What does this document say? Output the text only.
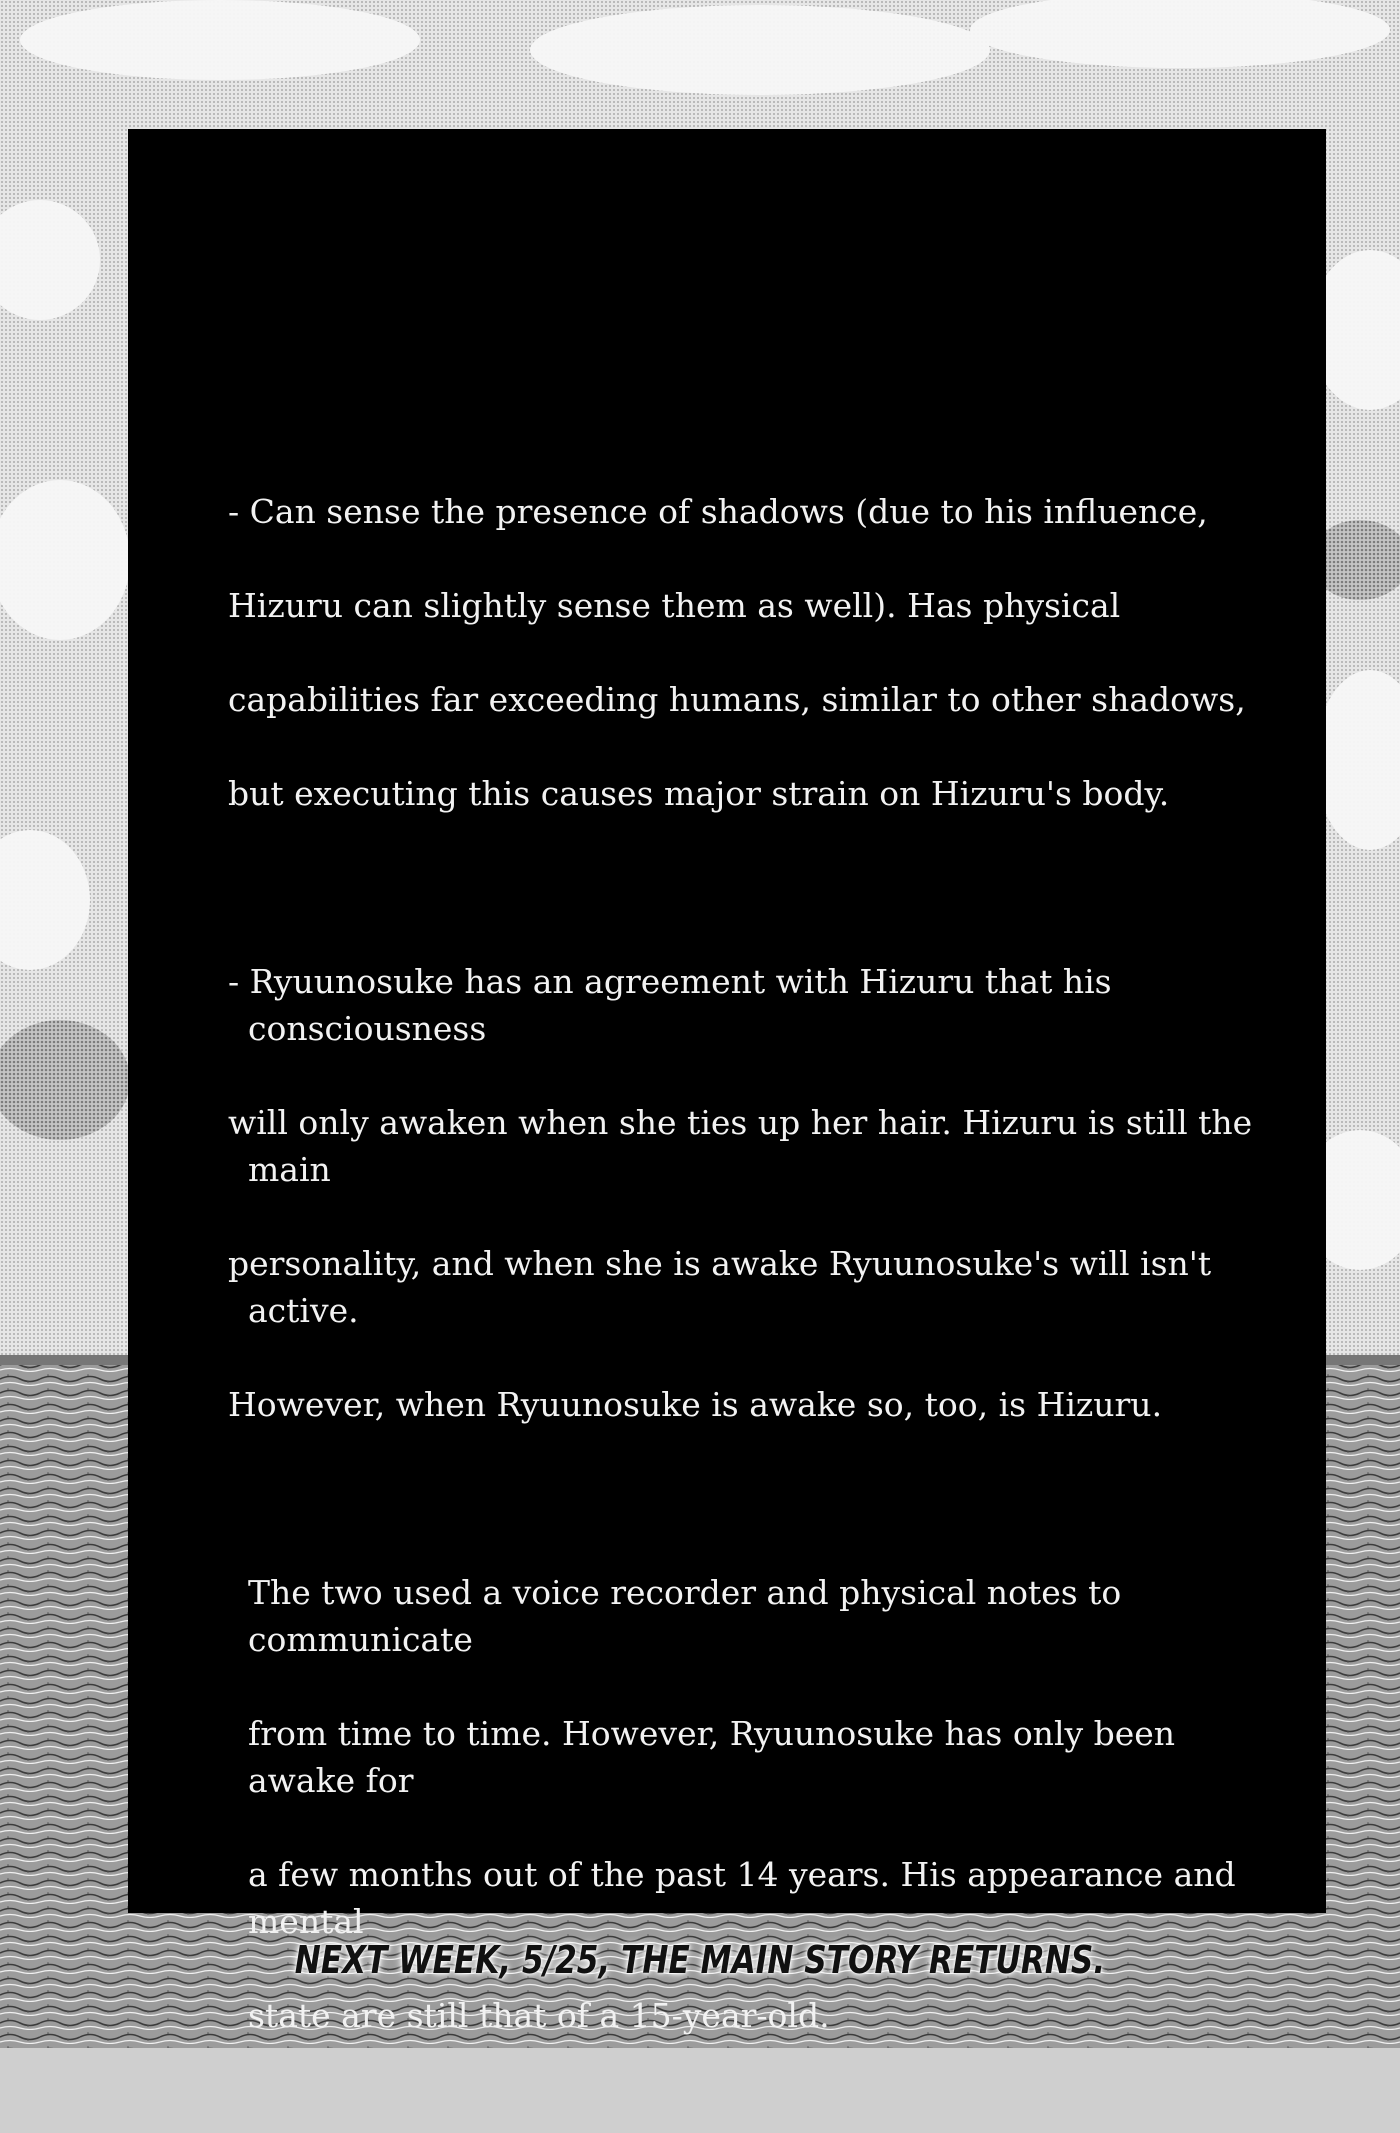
- Can sense the presence of shadows (due to his influence,

Hizuru can slightly sense them as well). Has physical

capabilities far exceeding humans, similar to other shadows,

but executing this causes major strain on Hizuru's body.

- Ryuunosuke has an agreement with Hizuru that his consciousness

will only awaken when she ties up her hair. Hizuru is still the main

personality, and when she is awake Ryuunosuke's will isn't active.

However, when Ryuunosuke is awake so, too, is Hizuru.

The two used a voice recorder and physical notes to communicate

from time to time. However, Ryuunosuke has only been awake for

a few months out of the past 14 years. His appearance and mental

state are still that of a 15-year-old.

NEXT WEEK, 5/25, THE MAIN STORY RETURNS.
